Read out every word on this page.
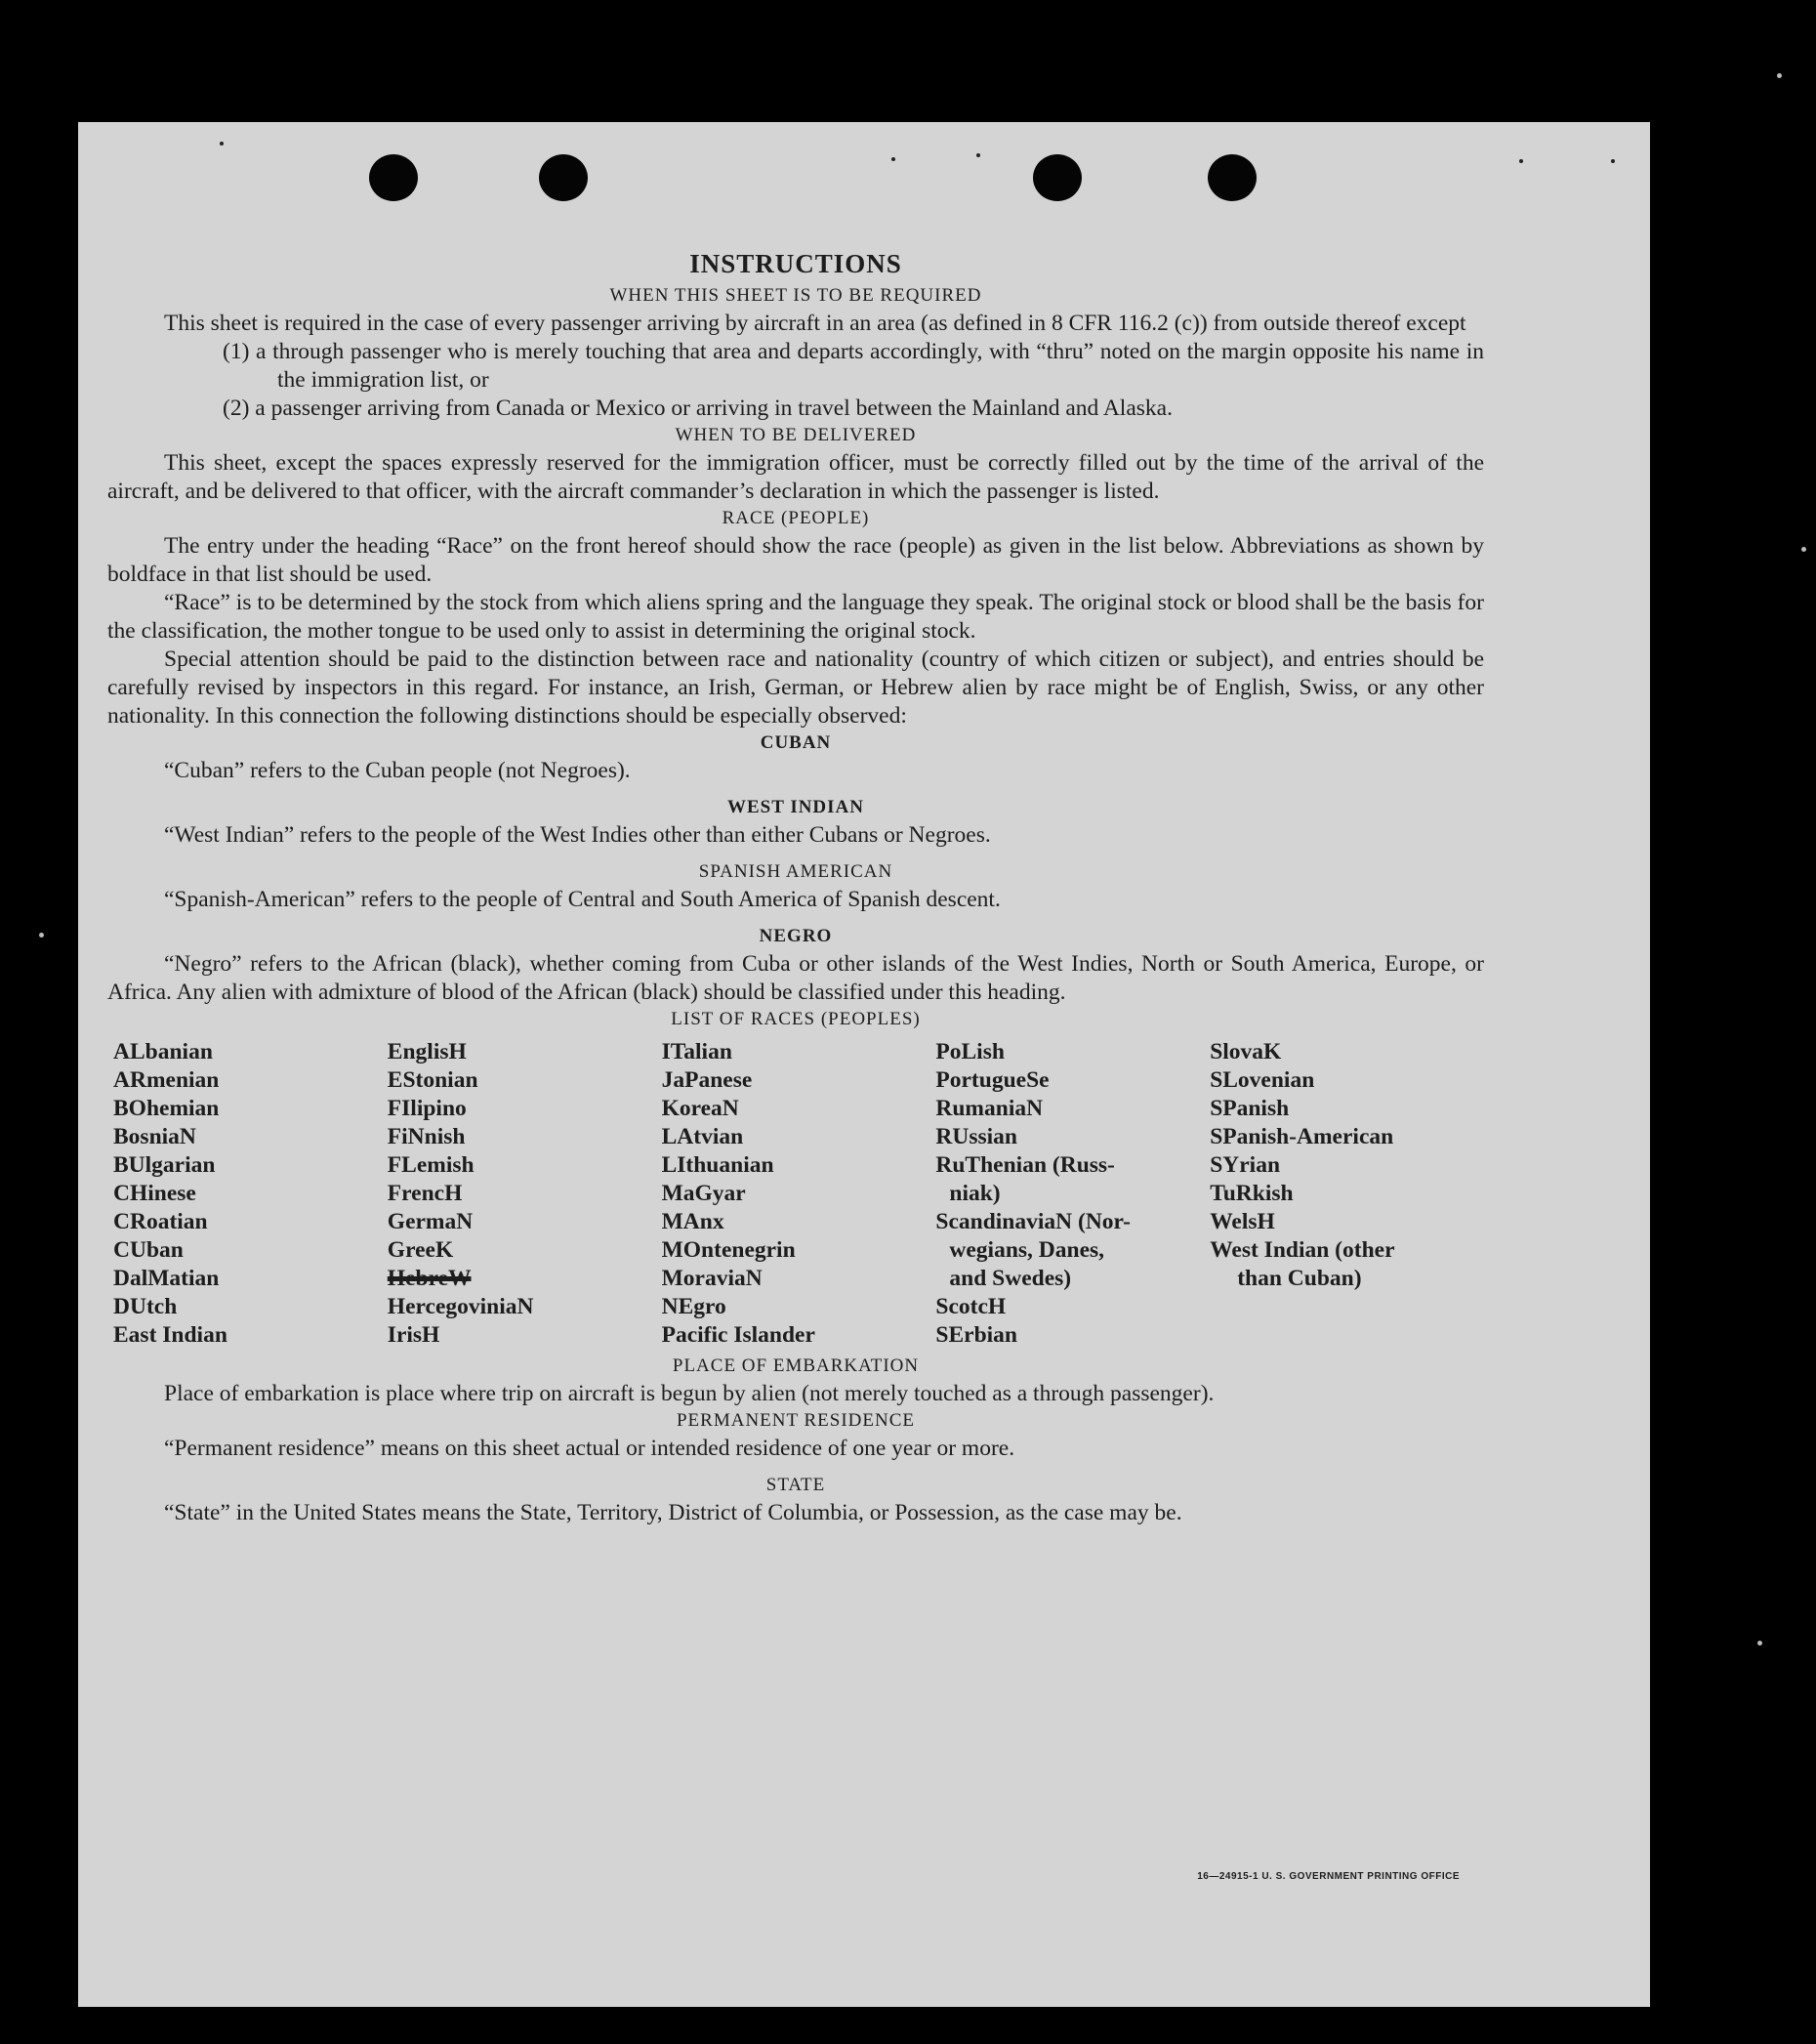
INSTRUCTIONS
WHEN THIS SHEET IS TO BE REQUIRED

This sheet is required in the case of every passenger arriving by aircraft in an area (as defined in 8 CFR 116.2 (c)) from outside thereof except

(1) a through passenger who is merely touching that area and departs accordingly, with “thru” noted on the margin opposite his name in the immigration list, or

(2) a passenger arriving from Canada or Mexico or arriving in travel between the Mainland and Alaska.

WHEN TO BE DELIVERED

This sheet, except the spaces expressly reserved for the immigration officer, must be correctly filled out by the time of the arrival of the aircraft, and be delivered to that officer, with the aircraft commander’s declaration in which the passenger is listed.

RACE (PEOPLE)

The entry under the heading “Race” on the front hereof should show the race (people) as given in the list below. Abbreviations as shown by boldface in that list should be used.

“Race” is to be determined by the stock from which aliens spring and the language they speak. The original stock or blood shall be the basis for the classification, the mother tongue to be used only to assist in determining the original stock.

Special attention should be paid to the distinction between race and nationality (country of which citizen or subject), and entries should be carefully revised by inspectors in this regard. For instance, an Irish, German, or Hebrew alien by race might be of English, Swiss, or any other nationality. In this connection the following distinctions should be especially observed:

CUBAN

“Cuban” refers to the Cuban people (not Negroes).

WEST INDIAN

“West Indian” refers to the people of the West Indies other than either Cubans or Negroes.

SPANISH AMERICAN

“Spanish-American” refers to the people of Central and South America of Spanish descent.

NEGRO

“Negro” refers to the African (black), whether coming from Cuba or other islands of the West Indies, North or South America, Europe, or Africa. Any alien with admixture of blood of the African (black) should be classified under this heading.

LIST OF RACES (PEOPLES)
ALbanian
ARmenian
BOhemian
BosniaN
BUlgarian
CHinese
CRoatian
CUban
DalMatian
DUtch
East Indian
EnglisH
EStonian
FIlipino
FiNnish
FLemish
FrencH
GermaN
GreeK
HebreW
HercegovinіaN
IrisH
ITalian
JaPanese
KoreaN
LAtvian
LIthuanian
MaGyar
MAnx
MOntenegrin
MoraviaN
NEgro
Pacific Islander
PoLish
PortugueSe
RumaniaN
RUssian
RuThenian (Russ-
niak)
ScandinaviaN (Nor-
wegians, Danes,
and Swedes)
ScotcH
SErbian
SlovaK
SLovenian
SPanish
SPanish-American
SYrian
TuRkish
WelsH
West Indian (other
than Cuban)
PLACE OF EMBARKATION

Place of embarkation is place where trip on aircraft is begun by alien (not merely touched as a through passenger).

PERMANENT RESIDENCE

“Permanent residence” means on this sheet actual or intended residence of one year or more.

STATE

“State” in the United States means the State, Territory, District of Columbia, or Possession, as the case may be.

16—24915-1 U. S. GOVERNMENT PRINTING OFFICE
